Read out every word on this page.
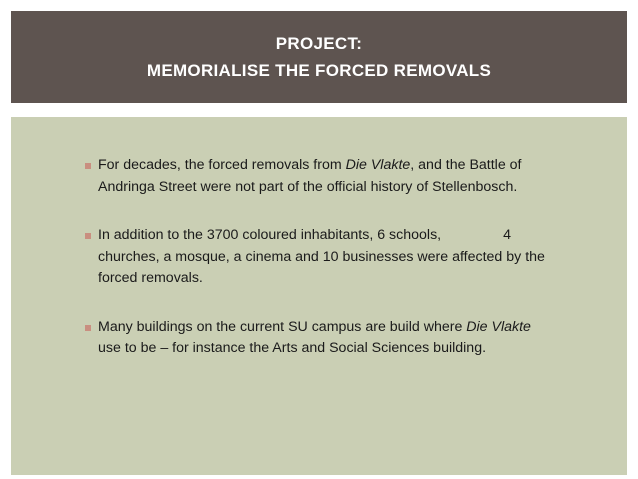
PROJECT:
MEMORIALISE THE FORCED REMOVALS
For decades, the forced removals from Die Vlakte, and the Battle of
Andringa Street were not part of the official history of Stellenbosch.
In addition to the 3700 coloured inhabitants, 6 schools,	4
churches, a mosque, a cinema and 10 businesses were affected by the
forced removals.
Many buildings on the current SU campus are build where Die Vlakte
use to be – for instance the Arts and Social Sciences building.
